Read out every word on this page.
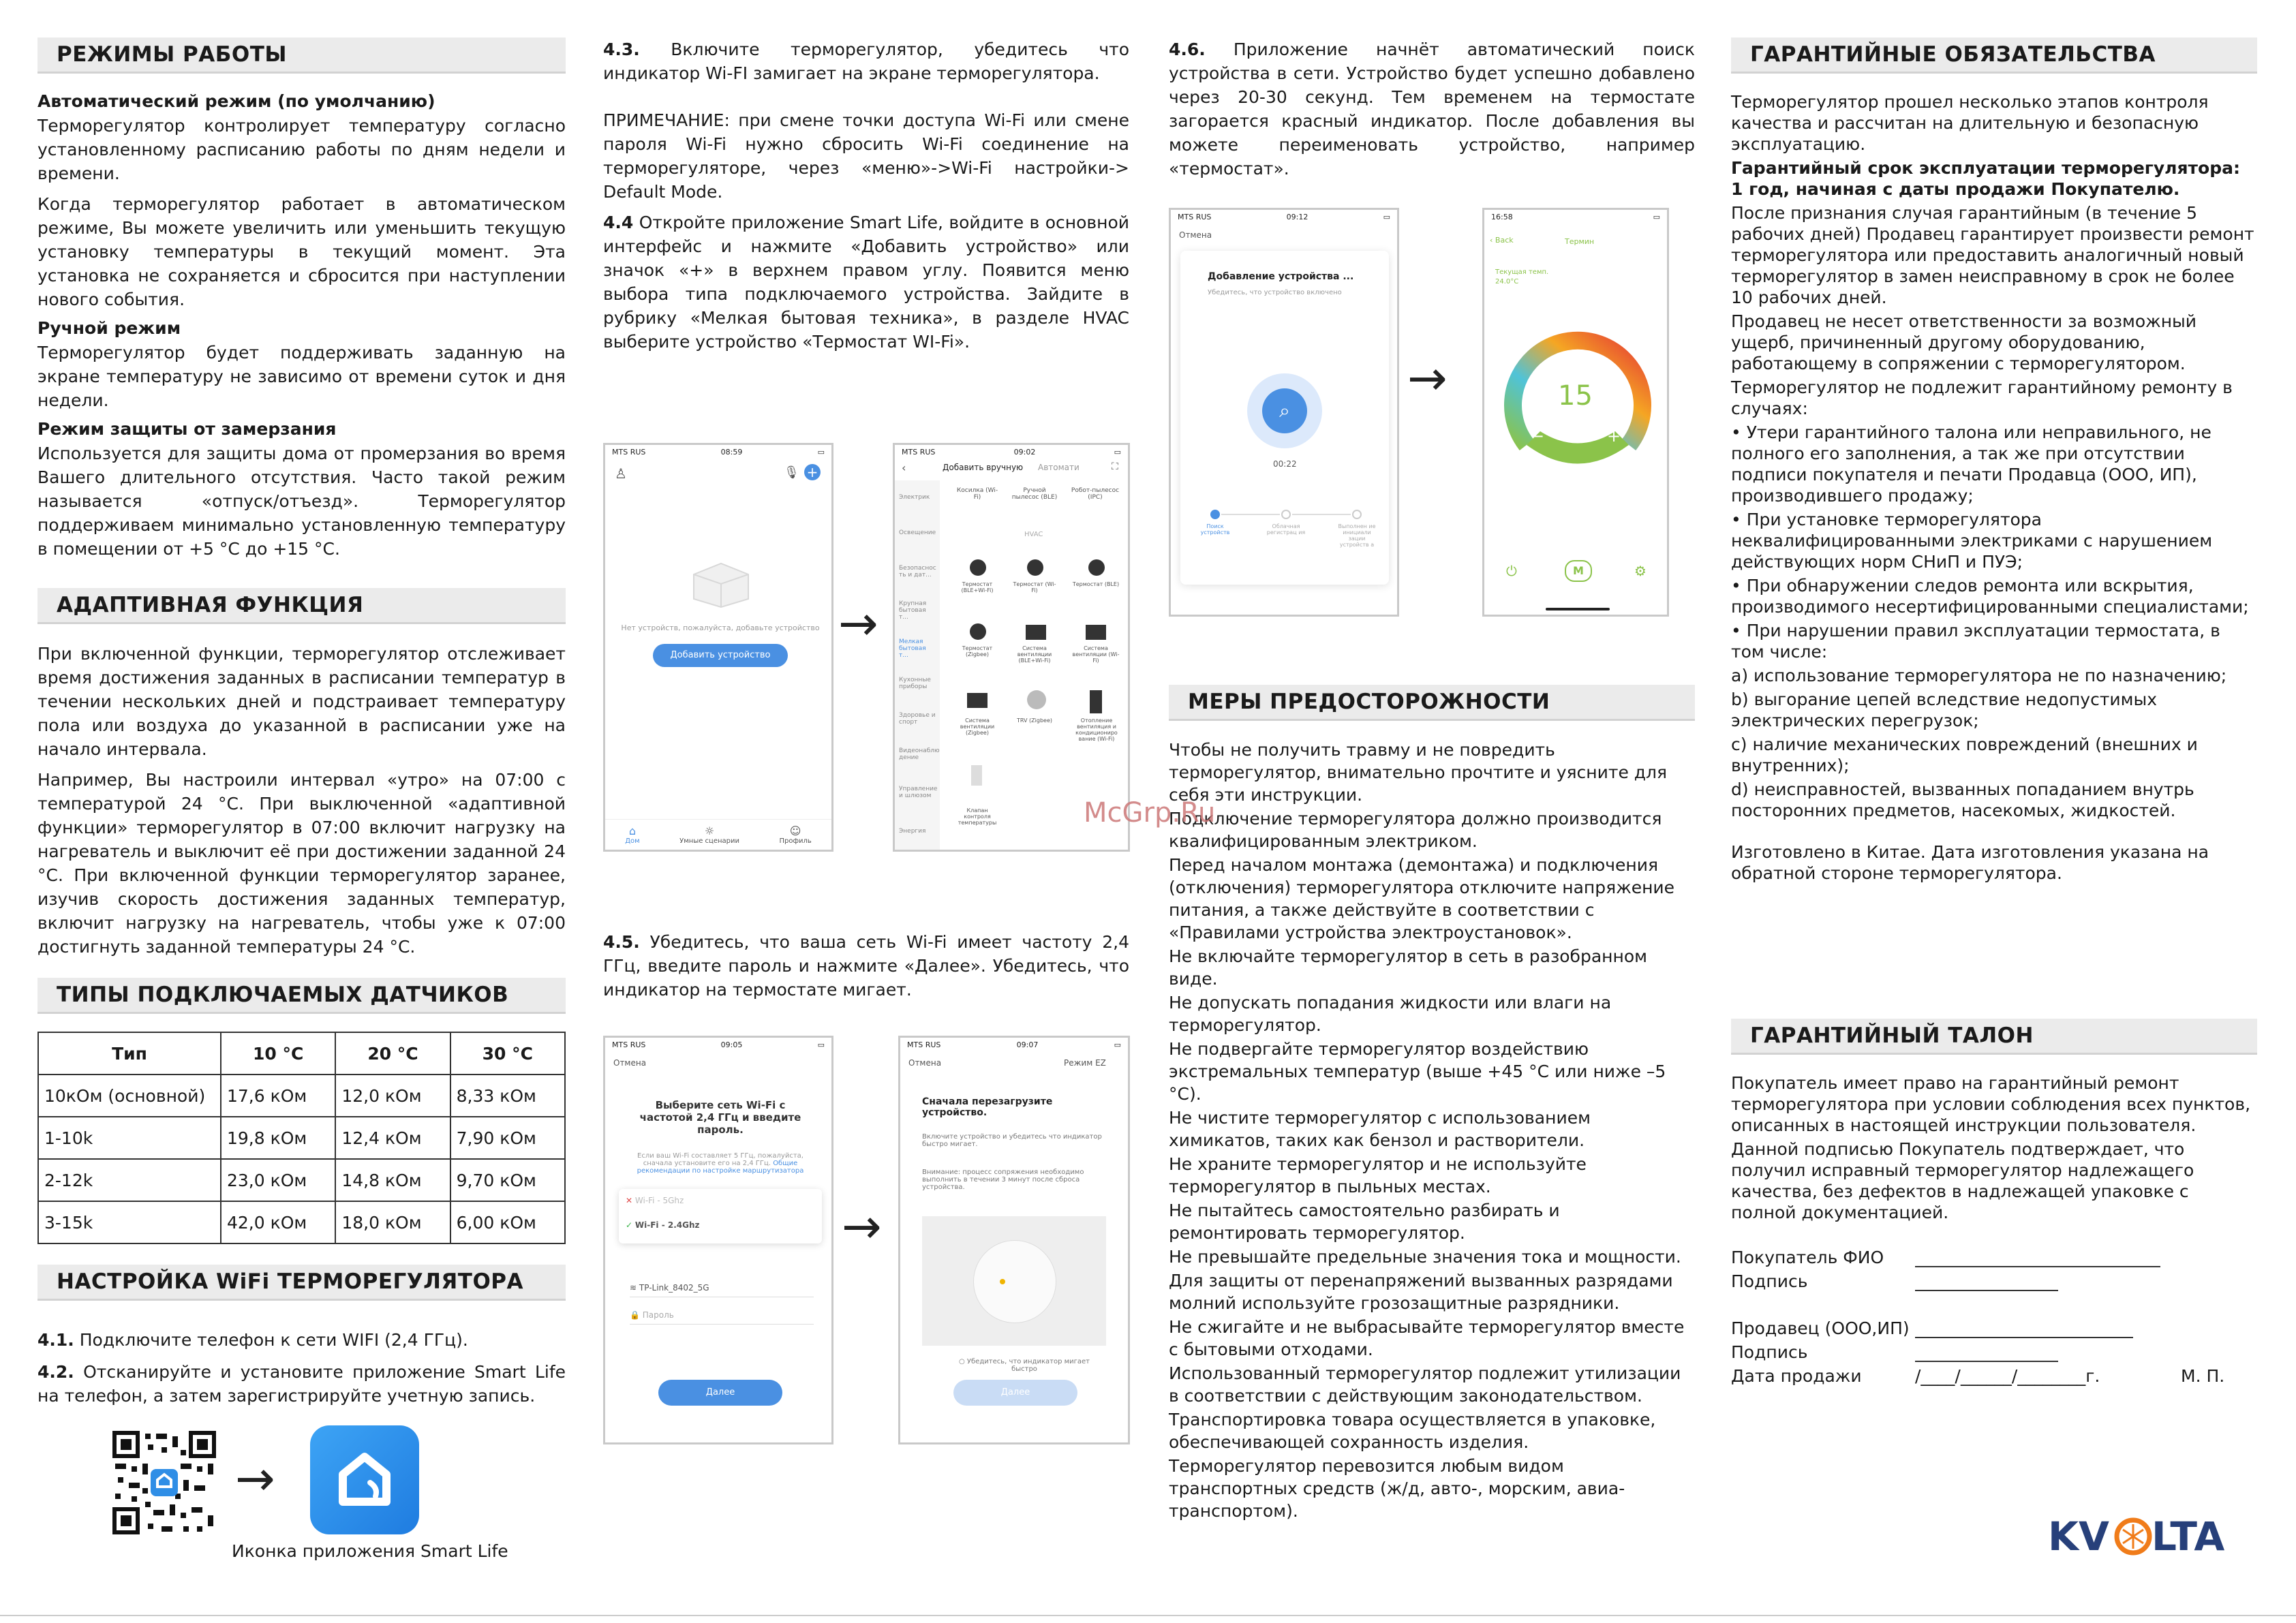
РЕЖИМЫ РАБОТЫ
Автоматический режим (по умолчанию)

Терморегулятор контролирует температуру согласно установленному расписанию работы по дням недели и времени.

Когда терморегулятор работает в автоматическом режиме, Вы можете увеличить или уменьшить текущую установку температуры в текущий момент. Эта установка не сохраняется и сбросится при наступлении нового события.

Ручной режим

Терморегулятор будет поддерживать заданную на экране температуру не зависимо от времени суток и дня недели.

Режим защиты от замерзания

Используется для защиты дома от промерзания во время Вашего длительного отсутствия. Часто такой режим называется «отпуск/отъезд». Терморегулятор поддерживаем минимально установленную температуру в помещении от +5 °С до +15 °С.

АДАПТИВНАЯ ФУНКЦИЯ

При включенной функции, терморегулятор отслеживает время достижения заданных в расписании температур в течении нескольких дней и подстраивает температуру пола или воздуха до указанной в расписании уже на начало интервала.

Например, Вы настроили интервал «утро» на 07:00 с температурой 24 °С. При выключенной «адаптивной функции» терморегулятор в 07:00 включит нагрузку на нагреватель и выключит её при достижении заданной 24 °С. При включенной функции терморегулятор заранее, изучив скорость достижения заданных температур, включит нагрузку на нагреватель, чтобы уже к 07:00 достигнуть заданной температуры 24 °С.

ТИПЫ ПОДКЛЮЧАЕМЫХ ДАТЧИКОВ
Тип	10 °С	20 °С	30 °С
10кОм (основной)	17,6 кОм	12,0 кОм	8,33 кОм
1-10k	19,8 кОм	12,4 кОм	7,90 кОм
2-12k	23,0 кОм	14,8 кОм	9,70 кОм
3-15k	42,0 кОм	18,0 кОм	6,00 кОм
НАСТРОЙКА WiFi ТЕРМОРЕГУЛЯТОРА
4.1. Подключите телефон к сети WIFI (2,4 ГГц).
4.2. Отсканируйте и установите приложение Smart Life на телефон, а затем зарегистрируйте учетную запись.
→
Иконка приложения Smart Life
4.3. Включите терморегулятор, убедитесь что индикатор Wi-FI замигает на экране терморегулятора.

ПРИМЕЧАНИЕ: при смене точки доступа Wi-Fi или смене пароля Wi-Fi нужно сбросить Wi-Fi соединение на терморегуляторе, через «меню»->Wi-Fi настройки-> Default Mode.

4.4 Откройте приложение Smart Life, войдите в основной интерфейс и нажмите «Добавить устройство» или значок «+» в верхнем правом углу. Появится меню выбора типа подключаемого устройства. Зайдите в рубрику «Мелкая бытовая техника», в разделе HVAC выберите устройство «Термостат WI-Fi».
MTS RUS	08:59	▭
♙	🎙 +
Нет устройств, пожалуйста, добавьте устройство
Добавить устройство
⌂
Дом
☼
Умные сценарии
☺
Профиль
→
MTS RUS	09:02	▭
‹	Добавить вручную Автомати	⛶
Электрик
Освещение
Безопаснос ть и дат...
Крупная бытовая т...
Мелкая бытовая т...
Кухонные приборы
Здоровье и спорт
Видеонаблю дение
Управление и шлюзом
Энергия
Косилка (Wi-Fi)
Ручной пылесос (BLE)
Робот-пылесос (IPC)
HVAC
Термостат (BLE+Wi-Fi)
Термостат (Wi-Fi)
Термостат (BLE)
Термостат (Zigbee)
Система вентиляции (BLE+Wi-Fi)
Система вентиляции (Wi-Fi)
Система вентиляции (Zigbee)
TRV (Zigbee)	Отопление вентиляция и кондициониро вание (Wi-Fi)
Клапан контроля температуры
4.5. Убедитесь, что ваша сеть Wi-Fi имеет частоту 2,4 ГГц, введите пароль и нажмите «Далее». Убедитесь, что индикатор на термостате мигает.
MTS RUS	09:05	▭
Отмена
Выберите сеть Wi-Fi с частотой 2,4 ГГц и введите пароль.
Если ваш Wi-Fi составляет 5 ГГц, пожалуйста, сначала установите его на 2,4 ГГц. Общие рекомендации по настройке маршрутизатора
✕ Wi-Fi - 5Ghz
✓ Wi-Fi - 2.4Ghz
≋ TP-Link_8402_5G
🔒 Пароль
Далее
→
MTS RUS	09:07	▭
Отмена	Режим EZ
Сначала перезагрузите устройство.
Включите устройство и убедитесь что индикатор быстро мигает.
Внимание: процесс сопряжения необходимо выполнить в течении 3 минут после сброса устройства.
○ Убедитесь, что индикатор мигает быстро
Далее
4.6. Приложение начнёт автоматический поиск устройства в сети. Устройство будет успешно добавлено через 20-30 секунд. Тем временем на термостате загорается красный индикатор. После добавления вы можете переименовать устройство, например «термостат».
MTS RUS	09:12	▭
Отмена
Добавление устройства ...
Убедитесь, что устройство включено
⌕
00:22
Поиск устройств
Облачная регистрац ия
Выполнен ие инициали зации устройств а
→
16:58	▭
‹ Back	Термин
Текущая темп.
24.0°C
15
−	+
⏻	M	⚙
МЕРЫ ПРЕДОСТОРОЖНОСТИ

Чтобы не получить травму и не повредить терморегулятор, внимательно прочтите и уясните для себя эти инструкции.

Подключение терморегулятора должно производится квалифицированным электриком.

Перед началом монтажа (демонтажа) и подключения (отключения) терморегулятора отключите напряжение питания, а также действуйте в соответствии с «Правилами устройства электроустановок».

Не включайте терморегулятор в сеть в разобранном виде.

Не допускать попадания жидкости или влаги на терморегулятор.

Не подвергайте терморегулятор воздействию экстремальных температур (выше +45 °С или ниже –5 °С).

Не чистите терморегулятор с использованием химикатов, таких как бензол и растворители.

Не храните терморегулятор и не используйте терморегулятор в пыльных местах.

Не пытайтесь самостоятельно разбирать и ремонтировать терморегулятор.

Не превышайте предельные значения тока и мощности.

Для защиты от перенапряжений вызванных разрядами молний используйте грозозащитные разрядники.

Не сжигайте и не выбрасывайте терморегулятор вместе с бытовыми отходами.

Использованный терморегулятор подлежит утилизации в соответствии с действующим законодательством.

Транспортировка товара осуществляется в упаковке, обеспечивающей сохранность изделия.

Терморегулятор перевозится любым видом транспортных средств (ж/д, авто-, морским, авиа- транспортом).

McGrp.Ru
ГАРАНТИЙНЫЕ ОБЯЗАТЕЛЬСТВА

Терморегулятор прошел несколько этапов контроля качества и рассчитан на длительную и безопасную эксплуатацию.

Гарантийный срок эксплуатации терморегулятора:

1 год, начиная с даты продажи Покупателю.

После признания случая гарантийным (в течение 5 рабочих дней) Продавец гарантирует произвести ремонт терморегулятора или предоставить аналогичный новый терморегулятор в замен неисправному в срок не более 10 рабочих дней.

Продавец не несет ответственности за возможный ущерб, причиненный другому оборудованию, работающему в сопряжении с терморегулятором.

Терморегулятор не подлежит гарантийному ремонту в случаях:

• Утери гарантийного талона или неправильного, не полного его заполнения, а так же при отсутствии подписи покупателя и печати Продавца (ООО, ИП), производившего продажу;

• При установке терморегулятора неквалифицированными электриками с нарушением действующих норм СНиП и ПУЭ;

• При обнаружении следов ремонта или вскрытия, производимого несертифицированными специалистами;

• При нарушении правил эксплуатации термостата, в том числе:

а) использование терморегулятора не по назначению;

b) выгорание цепей вследствие недопустимых электрических перегрузок;

c) наличие механических повреждений (внешних и внутренних);

d) неисправностей, вызванных попаданием внутрь посторонних предметов, насекомых, жидкостей.

Изготовлено в Китае. Дата изготовления указана на обратной стороне терморегулятора.

ГАРАНТИЙНЫЙ ТАЛОН

Покупатель имеет право на гарантийный ремонт терморегулятора при условии соблюдения всех пунктов, описанных в настоящей инструкции пользователя.

Данной подписью Покупатель подтверждает, что получил исправный терморегулятор надлежащего качества, без дефектов в надлежащей упаковке с полной документацией.

Покупатель ФИО
Подпись
Продавец (ООО,ИП)
Подпись
Дата продажи	/____/______/________г.	М. П.
KV LTA
